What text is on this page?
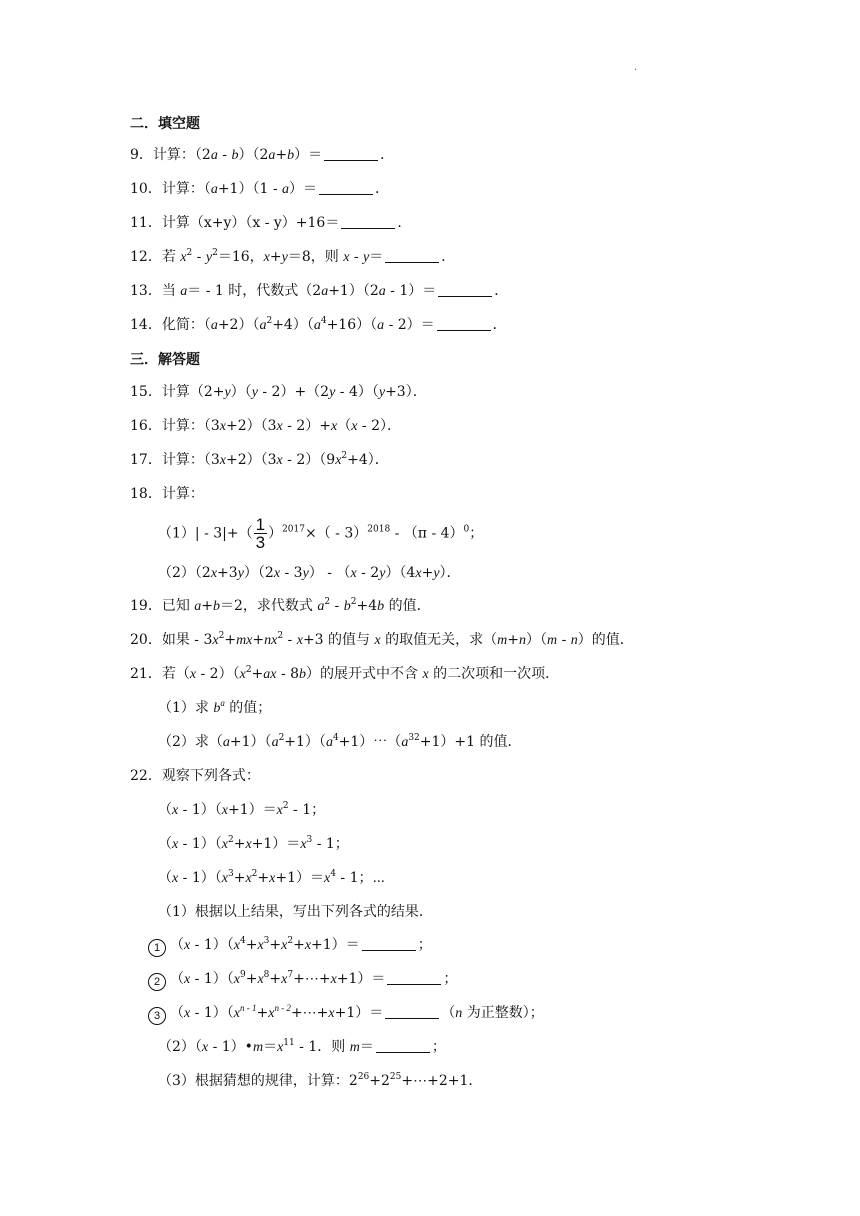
.
二．填空题
9．计算：（2a - b）（2a+b）＝	．
10．计算：（a+1）（1 - a）＝	．
11．计算（x+y）（x - y）+16＝	．
12．若 $x^2 - y^2=16$，x+y＝8，则 x - y＝	．
13．当 a＝ - 1 时，代数式（2a+1）（2a - 1）＝	．
14．化简：$(a+2)(a^2+4)(a^4+16)(a - 2)=$	．
三．解答题
15．计算（2+y）（y - 2）+（2y - 4）（y+3）．
16．计算：（3x+2）（3x - 2）+x（x - 2）．
17．计算：$(3x+2)(3x - 2)(9x^2+4)$．
18．计算：
$(1)| - 3|+( \frac{1}{3} )^{2017}\times( - 3)^{2018} - (\pi - 4)^0$；
（2）（2x+3y）（2x - 3y） - （x - 2y）（4x+y）．
19．已知 a+b＝2，求代数式 $a^2 - b^2+4b$ 的值．
20．如果 - $3x^2+mx+nx^2 - x+3$ 的值与 x 的取值无关，求（m+n）（m - n）的值．
21．若$(x - 2)(x^2+ax - 8b)$的展开式中不含 x 的二次项和一次项．
（1）求 $b^a$ 的值；
（2）求$(a+1)(a^2+1)(a^4+1)\cdots(a^{32}+1)+1$ 的值．
22．观察下列各式：
$(x - 1)(x+1)=x^2 - 1$；
$(x - 1)(x^2+x+1)=x^3 - 1$；
$(x - 1)(x^3+x^2+x+1)=x^4 - 1$；⋯
（1）根据以上结果，写出下列各式的结果．
1 $(x - 1)(x^4+x^3+x^2+x+1)=$	；
2 $(x - 1)(x^9+x^8+x^7+\cdots+x+1)=$	；
3 $(x - 1)(x^{n - 1}+x^{n - 2}+\cdots+x+1)=$	（n 为正整数）；
$(2)(x - 1)•m=x^{11} - 1$．则 m＝	；
（3）根据猜想的规律，计算：$2^{26}+2^{25}+\cdots+2+1$．
